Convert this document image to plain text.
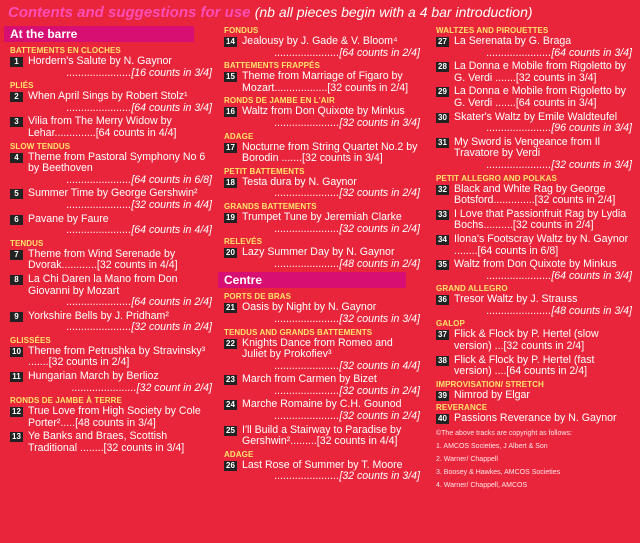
Contents and suggestions for use (nb all pieces begin with a 4 bar introduction)
At the barre
BATTEMENTS EN CLOCHES
1 Hordern's Salute by N. Gaynor
......................[16 counts in 3/4]
PLIÉS
2 When April Sings by Robert Stolz¹
......................[64 counts in 3/4]
3 Vilia from The Merry Widow by Lehar..............[64 counts in 4/4]
SLOW TENDUS
4 Theme from Pastoral Symphony No 6 by Beethoven
......................[64 counts in 6/8]
5 Summer Time by George Gershwin²
......................[32 counts in 4/4]
6 Pavane by Faure
......................[64 counts in 4/4]
TENDUS
7 Theme from Wind Serenade by Dvorak............[32 counts in 4/4]
8 La Chi Daren la Mano from Don Giovanni by Mozart
......................[64 counts in 2/4]
9 Yorkshire Bells by J. Pridham²
......................[32 counts in 2/4]
GLISSÉES
10 Theme from Petrushka by Stravinsky³ .......[32 counts in 2/4]
11 Hungarian March by Berlioz
......................[32 count in 2/4]
RONDS DE JAMBE À TERRE
12 True Love from High Society by Cole Porter².....[48 counts in 3/4]
13 Ye Banks and Braes, Scottish Traditional ........[32 counts in 3/4]
FONDUS
14 Jealousy by J. Gade & V. Bloom⁴
......................[64 counts in 2/4]
BATTEMENTS FRAPPÉS
15 Theme from Marriage of Figaro by Mozart..................[32 counts in 2/4]
RONDS DE JAMBE EN L'AIR
16 Waltz from Don Quixote by Minkus
......................[32 counts in 3/4]
ADAGE
17 Nocturne from String Quartet No.2 by Borodin .......[32 counts in 3/4]
PETIT BATTEMENTS
18 Testa dura by N. Gaynor
......................[32 counts in 2/4]
GRANDS BATTEMENTS
19 Trumpet Tune by Jeremiah Clarke
......................[32 counts in 2/4]
RELEVÉS
20 Lazy Summer Day by N. Gaynor
......................[48 counts in 2/4]
Centre
PORTS DE BRAS
21 Oasis by Night by N. Gaynor
......................[32 counts in 3/4]
TENDUS AND GRANDS BATTEMENTS
22 Knights Dance from Romeo and Juliet by Prokofiev³
......................[32 counts in 4/4]
23 March from Carmen by Bizet
......................[32 counts in 2/4]
24 Marche Romaine by C.H. Gounod
......................[32 counts in 2/4]
25 I'll Build a Stairway to Paradise by Gershwin².........[32 counts in 4/4]
ADAGE
26 Last Rose of Summer by T. Moore
......................[32 counts in 3/4]
WALTZES AND PIROUETTES
27 La Serenata by G. Braga
......................[64 counts in 3/4]
28 La Donna e Mobile from Rigoletto by G. Verdi .......[32 counts in 3/4]
29 La Donna e Mobile from Rigoletto by G. Verdi .......[64 counts in 3/4]
30 Skater's Waltz by Emile Waldteufel
......................[96 counts in 3/4]
31 My Sword is Vengeance from Il Travatore by Verdi
......................[32 counts in 3/4]
PETIT ALLEGRO AND POLKAS
32 Black and White Rag by George Botsford..............[32 counts in 2/4]
33 I Love that Passionfruit Rag by Lydia Bochs..........[32 counts in 2/4]
34 Ilona's Footscray Waltz by N. Gaynor ........[64 counts in 6/8]
35 Waltz from Don Quixote by Minkus
......................[64 counts in 3/4]
GRAND ALLEGRO
36 Tresor Waltz by J. Strauss
......................[48 counts in 3/4]
GALOP
37 Flick & Flock by P. Hertel (slow version) ...[32 counts in 2/4]
38 Flick & Flock by P. Hertel (fast version) ....[64 counts in 2/4]
IMPROVISATION/ STRETCH
39 Nimrod by Elgar
REVERANCE
40 Passions Reverance by N. Gaynor
©The above tracks are copyright as follows:
1. AMCOS Societies, J Albert & Son
2. Warner/ Chappell
3. Boosey & Hawkes, AMCOS Societies
4. Warner/ Chappell, AMCOS
